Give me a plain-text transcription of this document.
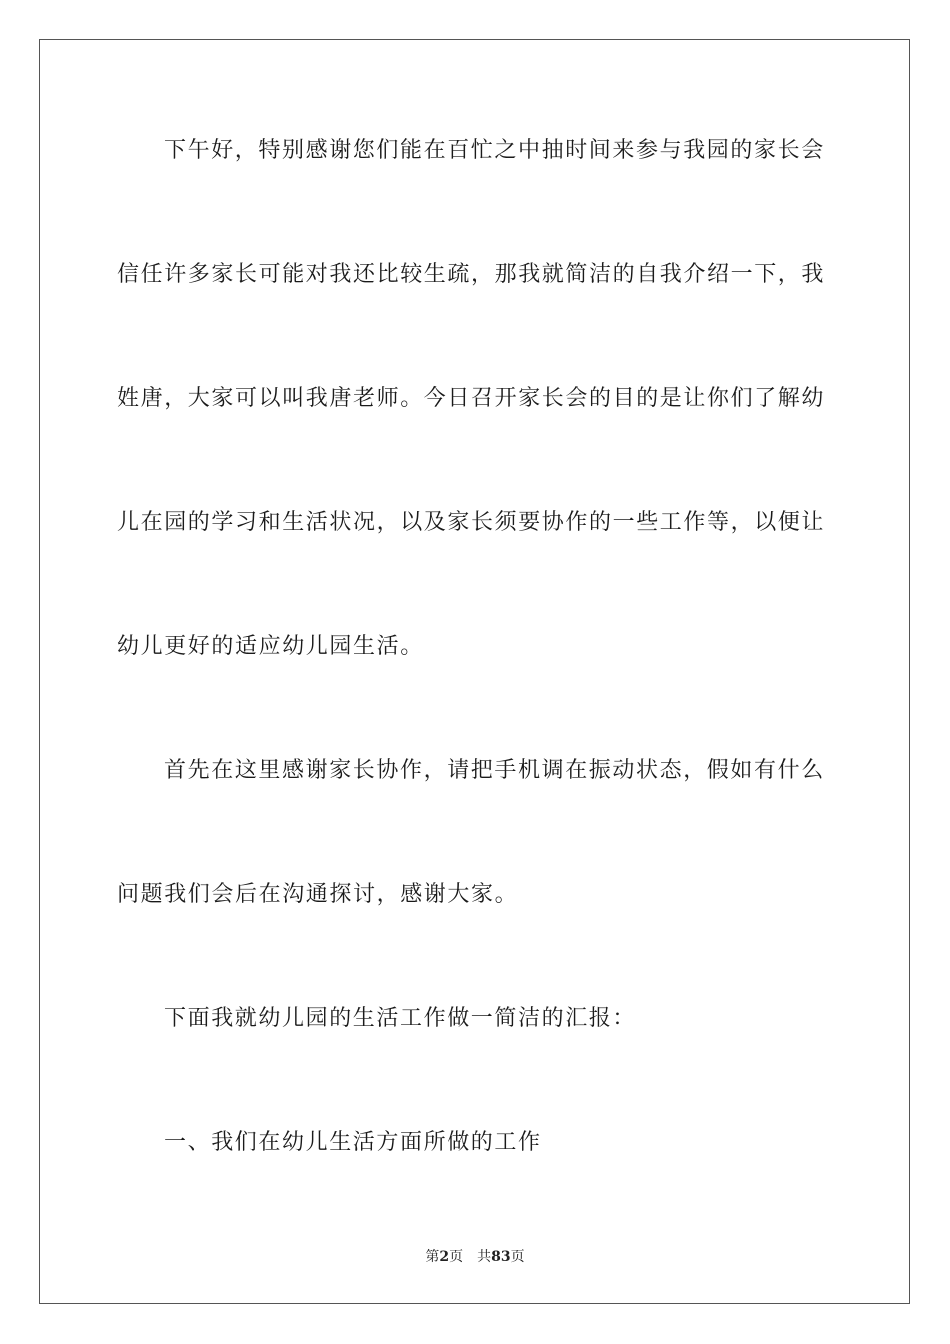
下午好，特别感谢您们能在百忙之中抽时间来参与我园的家长会
信任许多家长可能对我还比较生疏，那我就简洁的自我介绍一下，我
姓唐，大家可以叫我唐老师。今日召开家长会的目的是让你们了解幼
儿在园的学习和生活状况，以及家长须要协作的一些工作等，以便让
幼儿更好的适应幼儿园生活。
首先在这里感谢家长协作，请把手机调在振动状态，假如有什么
问题我们会后在沟通探讨，感谢大家。
下面我就幼儿园的生活工作做一简洁的汇报：
一、我们在幼儿生活方面所做的工作
第2页 共83页
